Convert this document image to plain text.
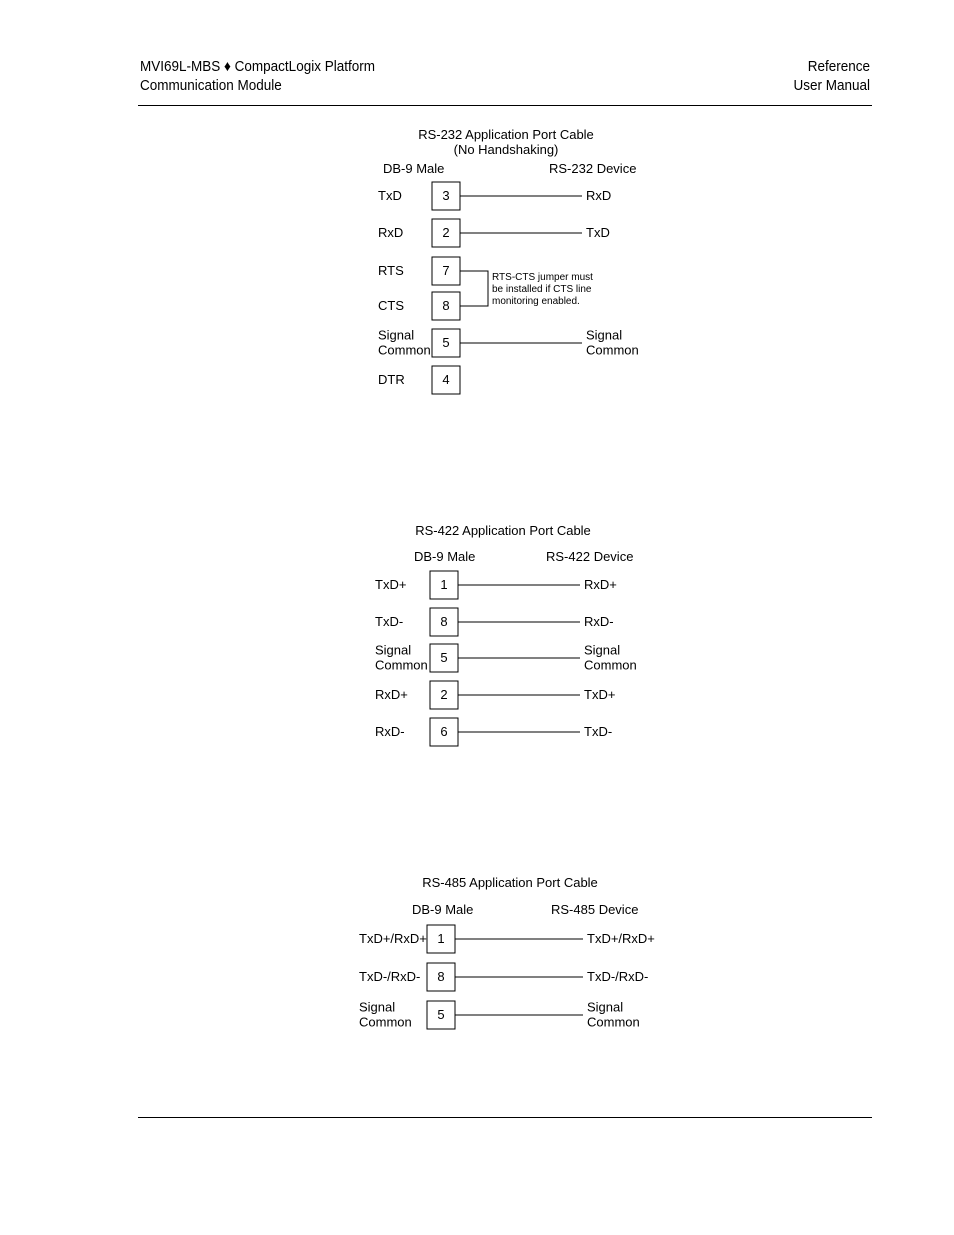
MVI69L-MBS ♦ CompactLogix Platform
Communication Module
Reference
User Manual
RS-232 Application Port Cable
(No Handshaking)
DB-9 Male	RS-232 Device
TxD	3	RxD
RxD	2	TxD
RTS	7
CTS	8
Signal
Common 5	Signal
Common
DTR	4
RTS-CTS jumper must
be installed if CTS line
monitoring enabled.
RS-422 Application Port Cable
DB-9 Male	RS-422 Device
TxD+	1	RxD+
TxD-	8	RxD-
Signal
Common 5	Signal
Common
RxD+	2	TxD+
RxD-	6	TxD-
RS-485 Application Port Cable
DB-9 Male	RS-485 Device
TxD+/RxD+ 1	TxD+/RxD+
TxD-/RxD- 8	TxD-/RxD-
Signal
Common 5	Signal
Common
